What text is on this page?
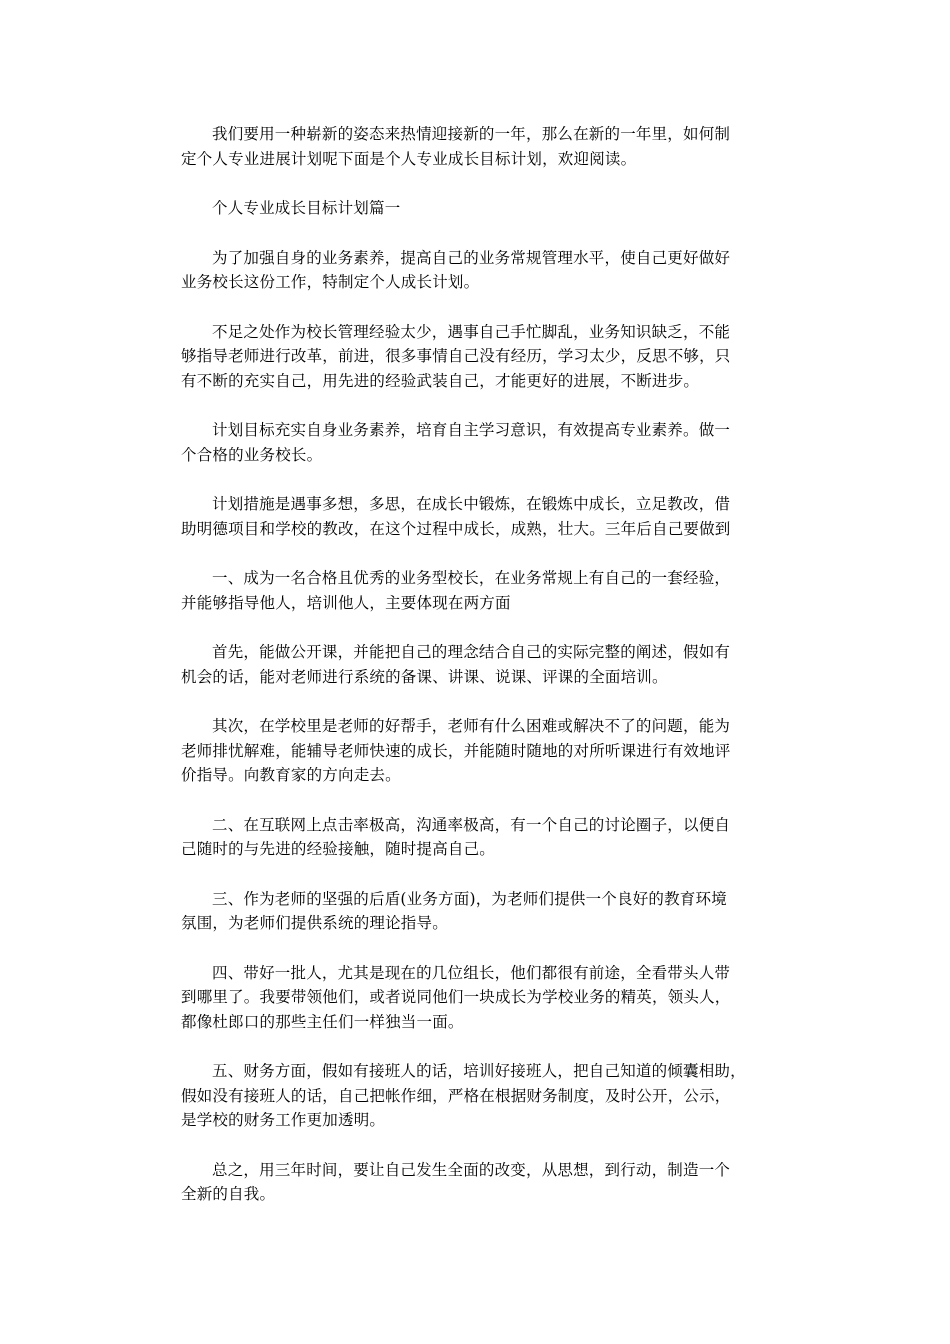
我们要用一种崭新的姿态来热情迎接新的一年，那么在新的一年里，如何制
定个人专业进展计划呢下面是个人专业成长目标计划，欢迎阅读。

个人专业成长目标计划篇一

为了加强自身的业务素养，提高自己的业务常规管理水平，使自己更好做好
业务校长这份工作，特制定个人成长计划。

不足之处作为校长管理经验太少，遇事自己手忙脚乱，业务知识缺乏，不能
够指导老师进行改革，前进，很多事情自己没有经历，学习太少，反思不够，只
有不断的充实自己，用先进的经验武装自己，才能更好的进展，不断进步。

计划目标充实自身业务素养，培育自主学习意识，有效提高专业素养。做一
个合格的业务校长。

计划措施是遇事多想，多思，在成长中锻炼，在锻炼中成长，立足教改，借
助明德项目和学校的教改，在这个过程中成长，成熟，壮大。三年后自己要做到

一、成为一名合格且优秀的业务型校长，在业务常规上有自己的一套经验，
并能够指导他人，培训他人，主要体现在两方面

首先，能做公开课，并能把自己的理念结合自己的实际完整的阐述，假如有
机会的话，能对老师进行系统的备课、讲课、说课、评课的全面培训。

其次，在学校里是老师的好帮手，老师有什么困难或解决不了的问题，能为
老师排忧解难，能辅导老师快速的成长，并能随时随地的对所听课进行有效地评
价指导。向教育家的方向走去。

二、在互联网上点击率极高，沟通率极高，有一个自己的讨论圈子，以便自
己随时的与先进的经验接触，随时提高自己。

三、作为老师的坚强的后盾(业务方面)，为老师们提供一个良好的教育环境
氛围，为老师们提供系统的理论指导。

四、带好一批人，尤其是现在的几位组长，他们都很有前途，全看带头人带
到哪里了。我要带领他们，或者说同他们一块成长为学校业务的精英，领头人，
都像杜郎口的那些主任们一样独当一面。

五、财务方面，假如有接班人的话，培训好接班人，把自己知道的倾囊相助，
假如没有接班人的话，自己把帐作细，严格在根据财务制度，及时公开，公示，
是学校的财务工作更加透明。

总之，用三年时间，要让自己发生全面的改变，从思想，到行动，制造一个
全新的自我。
